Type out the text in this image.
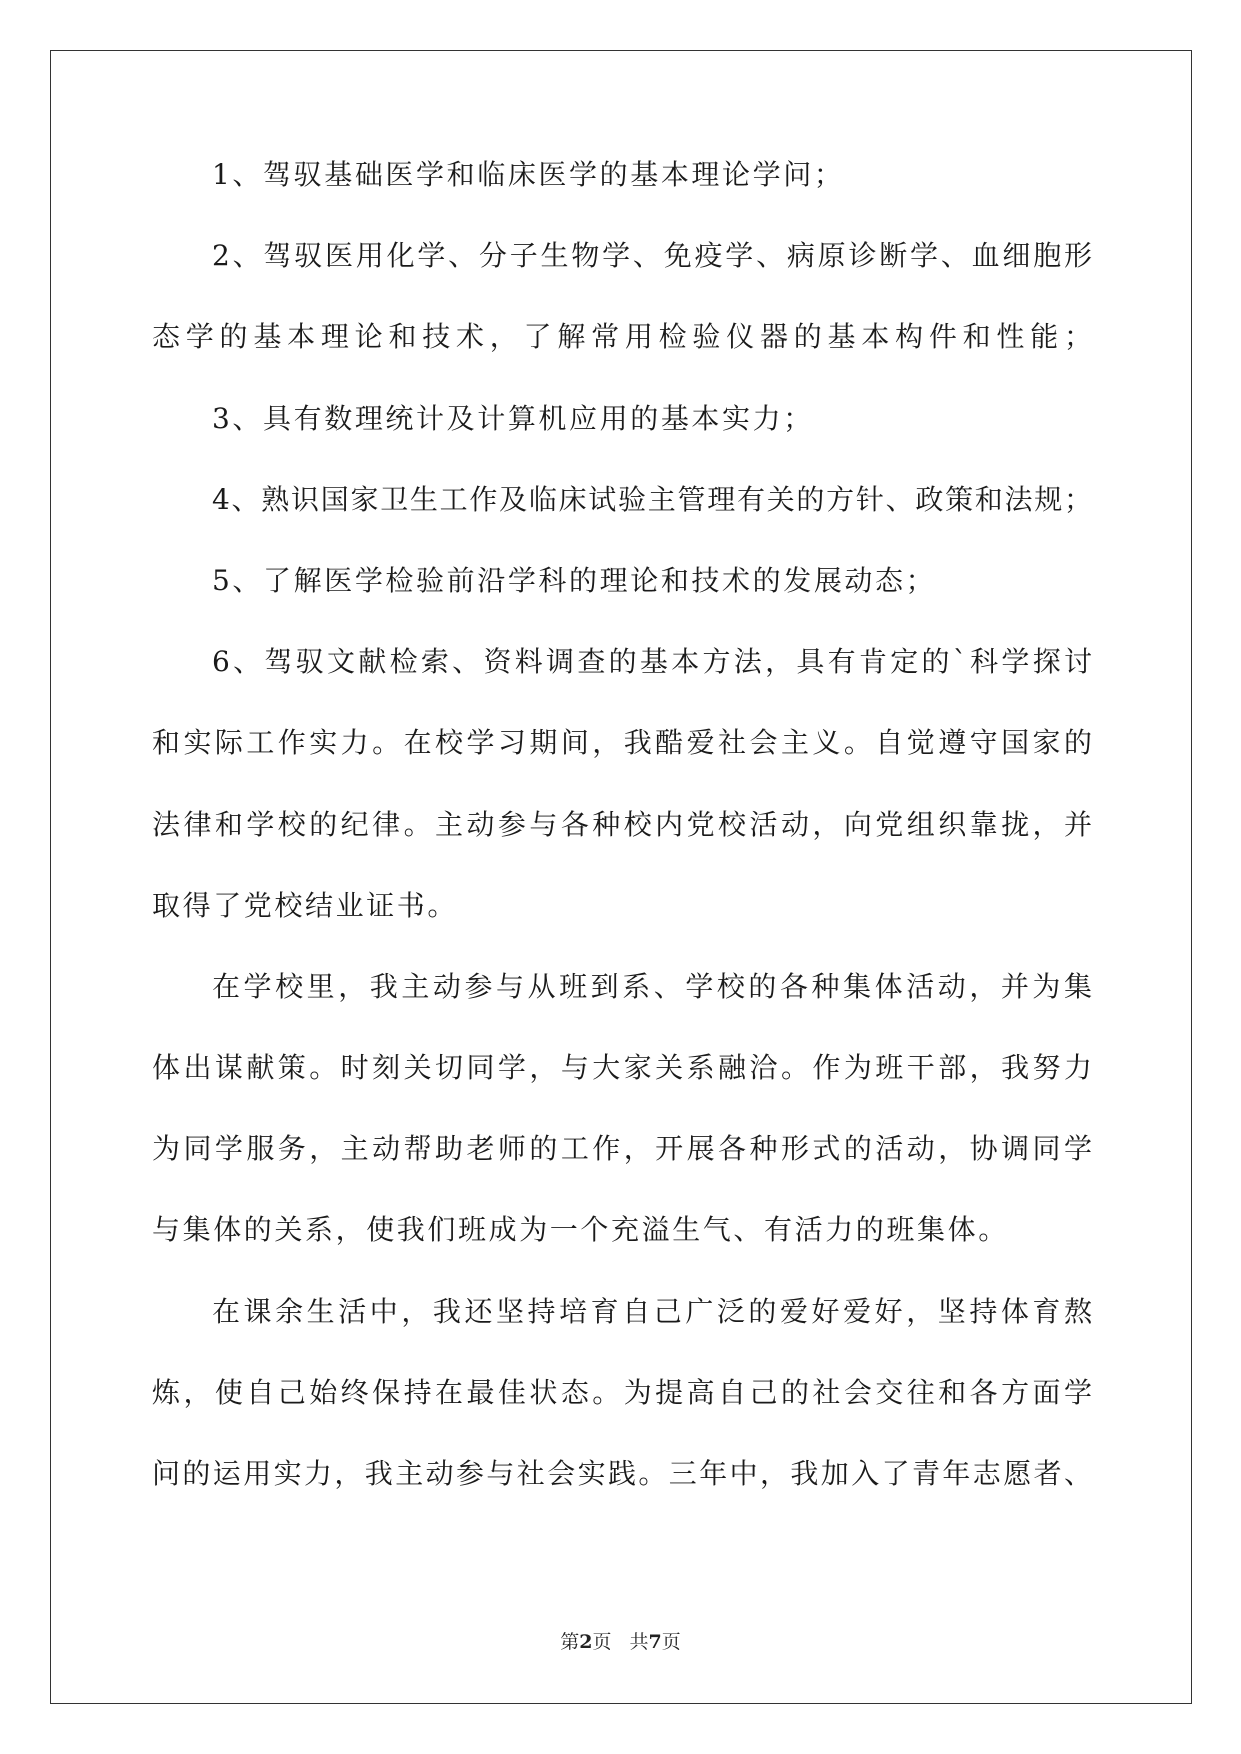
1、驾驭基础医学和临床医学的基本理论学问；
2、驾驭医用化学、分子生物学、免疫学、病原诊断学、血细胞形
态学的基本理论和技术，了解常用检验仪器的基本构件和性能；
3、具有数理统计及计算机应用的基本实力；
4、熟识国家卫生工作及临床试验主管理有关的方针、政策和法规；
5、了解医学检验前沿学科的理论和技术的发展动态；
6、驾驭文献检索、资料调查的基本方法，具有肯定的`科学探讨
和实际工作实力。在校学习期间，我酷爱社会主义。自觉遵守国家的
法律和学校的纪律。主动参与各种校内党校活动，向党组织靠拢，并
取得了党校结业证书。
在学校里，我主动参与从班到系、学校的各种集体活动，并为集
体出谋献策。时刻关切同学，与大家关系融洽。作为班干部，我努力
为同学服务，主动帮助老师的工作，开展各种形式的活动，协调同学
与集体的关系，使我们班成为一个充溢生气、有活力的班集体。
在课余生活中，我还坚持培育自己广泛的爱好爱好，坚持体育熬
炼，使自己始终保持在最佳状态。为提高自己的社会交往和各方面学
问的运用实力，我主动参与社会实践。三年中，我加入了青年志愿者、
第2页 共7页
